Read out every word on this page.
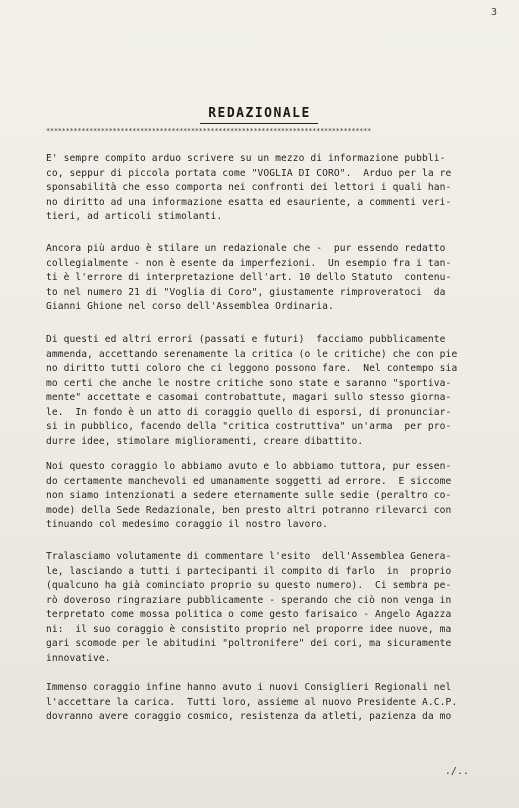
3
REDAZIONALE
***********************************************************************************
E' sempre compito arduo scrivere su un mezzo di informazione pubbli-
co, seppur di piccola portata come "VOGLIA DI CORO".  Arduo per la re
sponsabilità che esso comporta nei confronti dei lettori i quali han-
no diritto ad una informazione esatta ed esauriente, a commenti veri-
tieri, ad articoli stimolanti.
Ancora più arduo è stilare un redazionale che -  pur essendo redatto
collegialmente - non è esente da imperfezioni.  Un esempio fra i tan-
ti è l'errore di interpretazione dell'art. 10 dello Statuto  contenu-
to nel numero 21 di "Voglia di Coro", giustamente rimproveratoci  da
Gianni Ghione nel corso dell'Assemblea Ordinaria.
Di questi ed altri errori (passati e futuri)  facciamo pubblicamente
ammenda, accettando serenamente la critica (o le critiche) che con pie
no diritto tutti coloro che ci leggono possono fare.  Nel contempo sia
mo certi che anche le nostre critiche sono state e saranno "sportiva-
mente" accettate e casomai controbattute, magari sullo stesso giorna-
le.  In fondo è un atto di coraggio quello di esporsi, di pronunciar-
si in pubblico, facendo della "critica costruttiva" un'arma  per pro-
durre idee, stimolare miglioramenti, creare dibattito.
Noi questo coraggio lo abbiamo avuto e lo abbiamo tuttora, pur essen-
do certamente manchevoli ed umanamente soggetti ad errore.  E siccome
non siamo intenzionati a sedere eternamente sulle sedie (peraltro co-
mode) della Sede Redazionale, ben presto altri potranno rilevarci con
tinuando col medesimo coraggio il nostro lavoro.
Tralasciamo volutamente di commentare l'esito  dell'Assemblea Genera-
le, lasciando a tutti i partecipanti il compito di farlo  in  proprio
(qualcuno ha già cominciato proprio su questo numero).  Ci sembra pe-
rò doveroso ringraziare pubblicamente - sperando che ciò non venga in
terpretato come mossa politica o come gesto farisaico - Angelo Agazza
ni:  il suo coraggio è consistito proprio nel proporre idee nuove, ma
gari scomode per le abitudini "poltronifere" dei cori, ma sicuramente
innovative.
Immenso coraggio infine hanno avuto i nuovi Consiglieri Regionali nel
l'accettare la carica.  Tutti loro, assieme al nuovo Presidente A.C.P.
dovranno avere coraggio cosmico, resistenza da atleti, pazienza da mo
./..
